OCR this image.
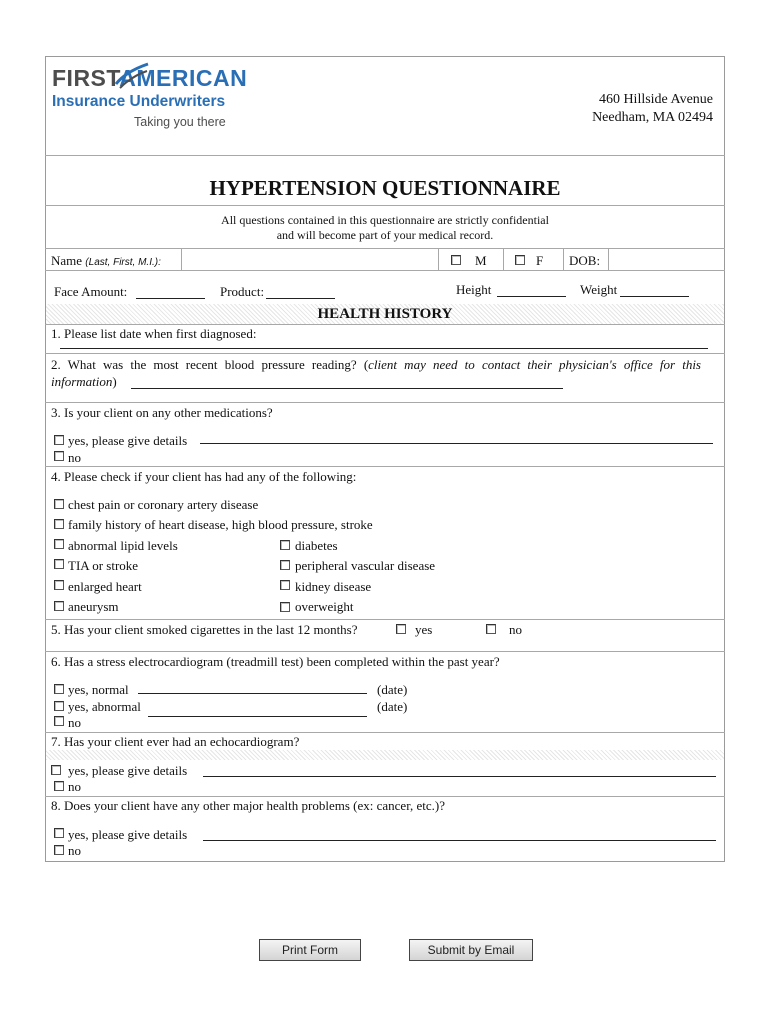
FIRSTAMERICAN
Insurance Underwriters
Taking you there
460 Hillside Avenue
Needham, MA 02494
HYPERTENSION QUESTIONNAIRE
All questions contained in this questionnaire are strictly confidential
and will become part of your medical record.
Name (Last, First, M.I.):	M	F DOB:
Face Amount:	Product:	Height	Weight
HEALTH HISTORY
1. Please list date when first diagnosed:
2. What was the most recent blood pressure reading? (client may need to contact their physician's office for this
information)
3. Is your client on any other medications?
yes, please give details
no
4. Please check if your client has had any of the following:
chest pain or coronary artery disease
family history of heart disease, high blood pressure, stroke
abnormal lipid levels
TIA or stroke
enlarged heart
aneurysm
diabetes
peripheral vascular disease
kidney disease
overweight
5. Has your client smoked cigarettes in the last 12 months?	yes	no
6. Has a stress electrocardiogram (treadmill test) been completed within the past year?
yes, normal	(date)
yes, abnormal	(date)
no
7. Has your client ever had an echocardiogram?
yes, please give details
no
8. Does your client have any other major health problems (ex: cancer, etc.)?
yes, please give details
no
Print Form	Submit by Email
